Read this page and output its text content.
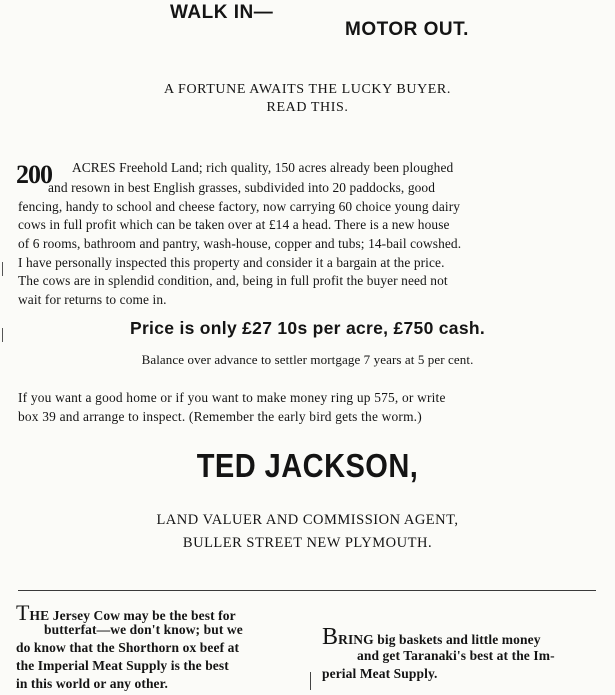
WALK IN—
MOTOR OUT.
A FORTUNE AWAITS THE LUCKY BUYER.
READ THIS.
200 ACRES Freehold Land; rich quality, 150 acres already been ploughed
and resown in best English grasses, subdivided into 20 paddocks, good
fencing, handy to school and cheese factory, now carrying 60 choice young dairy
cows in full profit which can be taken over at £14 a head. There is a new house
of 6 rooms, bathroom and pantry, wash-house, copper and tubs; 14-bail cowshed.
I have personally inspected this property and consider it a bargain at the price.
The cows are in splendid condition, and, being in full profit the buyer need not
wait for returns to come in.
Price is only £27 10s per acre, £750 cash.
Balance over advance to settler mortgage 7 years at 5 per cent.
If you want a good home or if you want to make money ring up 575, or write
box 39 and arrange to inspect. (Remember the early bird gets the worm.)
TED JACKSON,
LAND VALUER AND COMMISSION AGENT,
BULLER STREET NEW PLYMOUTH.
THE Jersey Cow may be the best for
butterfat—we don't know; but we
do know that the Shorthorn ox beef at
the Imperial Meat Supply is the best
in this world or any other.
BRING big baskets and little money
and get Taranaki's best at the Im-
perial Meat Supply.
